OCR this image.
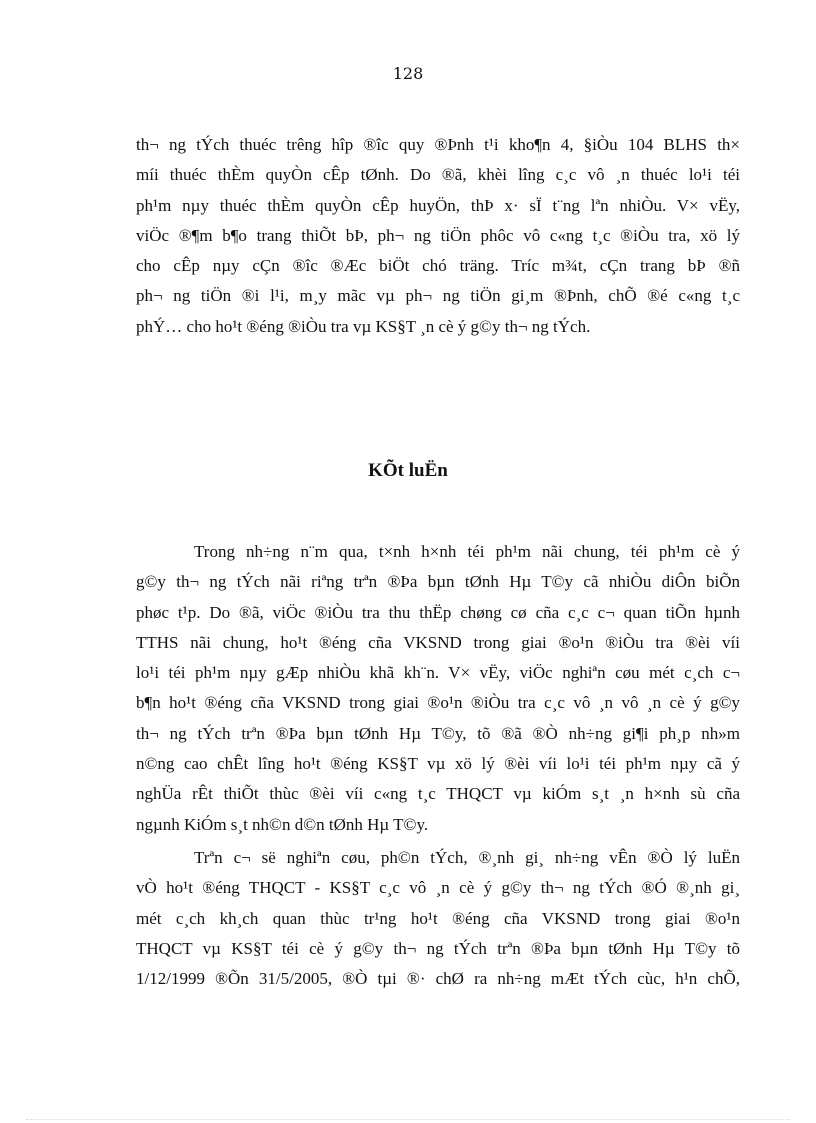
128
th¬ ng tÝch thuéc trêng hîp ®îc quy ®Þnh t¹i kho¶n 4, §iÒu 104 BLHS th×
míi thuéc thÈm quyÒn cÊp tØnh. Do ®ã, khèi lîng c¸c vô ¸n thuéc lo¹i téi
ph¹m nµy thuéc thÈm quyÒn cÊp huyÖn, thÞ x· sÏ t¨ng lªn nhiÒu. V× vËy,
viÖc ®¶m b¶o trang thiÕt bÞ, ph¬ ng tiÖn phôc vô c«ng t¸c ®iÒu tra, xö lý
cho cÊp nµy cÇn ®îc ®Æc biÖt chó träng. Tríc m¾t, cÇn trang bÞ ®ñ
ph¬ ng tiÖn ®i l¹i, m¸y mãc vµ ph¬ ng tiÖn gi¸m ®Þnh, chÕ ®é c«ng t¸c
phÝ… cho ho¹t ®éng ®iÒu tra vµ KS§T ¸n cè ý g©y th¬ ng tÝch.
KÕt luËn
Trong nh÷ng n¨m qua, t×nh h×nh téi ph¹m nãi chung, téi ph¹m cè ý
g©y th¬ ng tÝch nãi riªng trªn ®Þa bµn tØnh Hµ T©y cã nhiÒu diÔn biÕn
phøc t¹p. Do ®ã, viÖc ®iÒu tra thu thËp chøng cø cña c¸c c¬ quan tiÕn hµnh
TTHS nãi chung, ho¹t ®éng cña VKSND trong giai ®o¹n ®iÒu tra ®èi víi
lo¹i téi ph¹m nµy gÆp nhiÒu khã kh¨n. V× vËy, viÖc nghiªn cøu mét c¸ch c¬
b¶n ho¹t ®éng cña VKSND trong giai ®o¹n ®iÒu tra c¸c vô ¸n vô ¸n cè ý g©y
th¬ ng tÝch trªn ®Þa bµn tØnh Hµ T©y, tõ ®ã ®Ò nh÷ng gi¶i ph¸p nh»m
n©ng cao chÊt lîng ho¹t ®éng KS§T vµ xö lý ®èi víi lo¹i téi ph¹m nµy cã ý
nghÜa rÊt thiÕt thùc ®èi víi c«ng t¸c THQCT vµ kiÓm s¸t ¸n h×nh sù cña
ngµnh KiÓm s¸t nh©n d©n tØnh Hµ T©y.
Trªn c¬ së nghiªn cøu, ph©n tÝch, ®¸nh gi¸ nh÷ng vÊn ®Ò lý luËn
vÒ ho¹t ®éng THQCT - KS§T c¸c vô ¸n cè ý g©y th¬ ng tÝch ®Ó ®¸nh gi¸
mét c¸ch kh¸ch quan thùc tr¹ng ho¹t ®éng cña VKSND trong giai ®o¹n
THQCT vµ KS§T téi cè ý g©y th¬ ng tÝch trªn ®Þa bµn tØnh Hµ T©y tõ
1/12/1999 ®Õn 31/5/2005, ®Ò tµi ®· chØ ra nh÷ng mÆt tÝch cùc, h¹n chÕ,
